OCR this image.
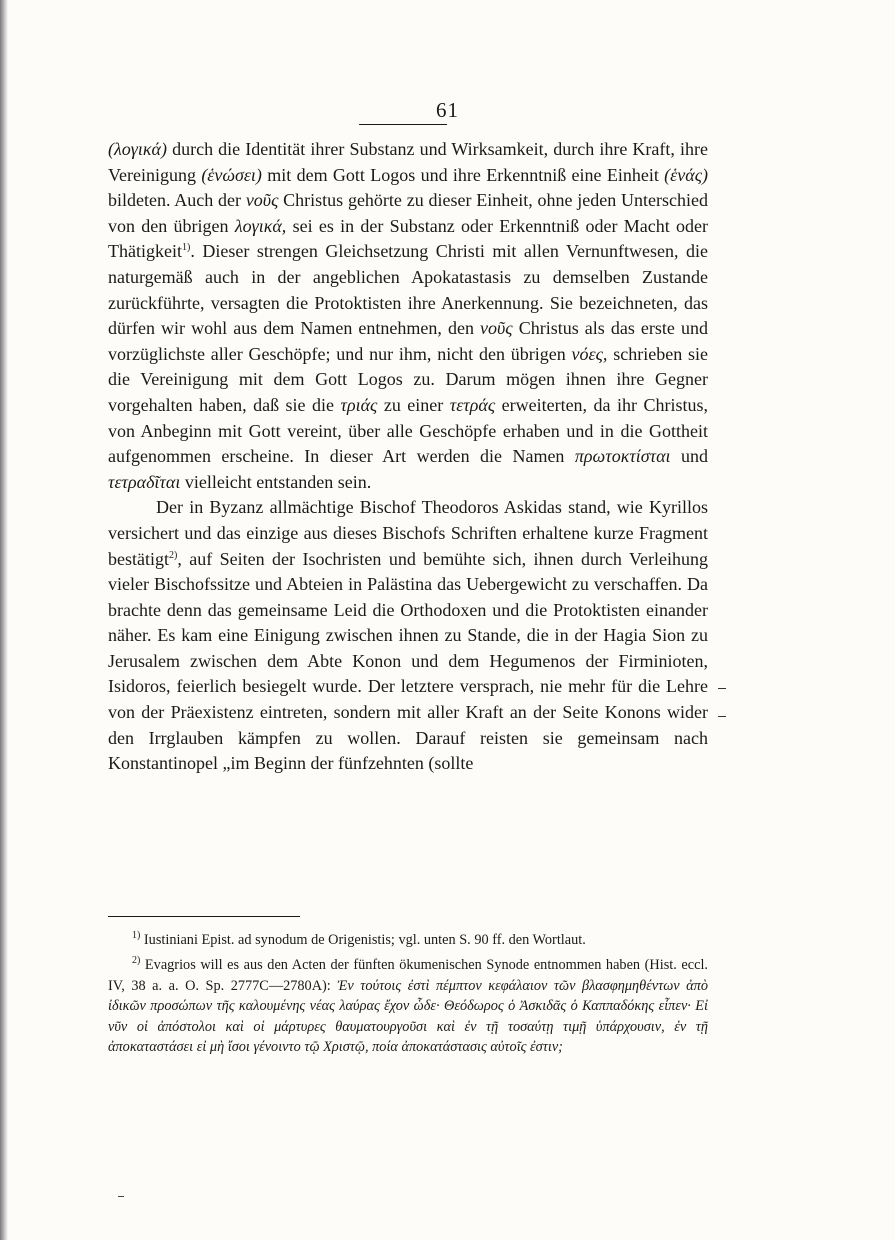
61

(λογικά) durch die Identität ihrer Substanz und Wirksamkeit, durch ihre Kraft, ihre Vereinigung (ἑνώσει) mit dem Gott Logos und ihre Erkenntniß eine Einheit (ἑνάς) bildeten. Auch der νοῦς Christus gehörte zu dieser Einheit, ohne jeden Unterschied von den übrigen λογικά, sei es in der Substanz oder Erkenntniß oder Macht oder Thätigkeit$^{1)}$. Dieser strengen Gleichsetzung Christi mit allen Vernunftwesen, die naturgemäß auch in der angeblichen Apokatastasis zu demselben Zustande zurückführte, versagten die Protoktisten ihre Anerkennung. Sie bezeichneten, das dürfen wir wohl aus dem Namen entnehmen, den νοῦς Christus als das erste und vorzüglichste aller Geschöpfe; und nur ihm, nicht den übrigen νόες, schrieben sie die Vereinigung mit dem Gott Logos zu. Darum mögen ihnen ihre Gegner vorgehalten haben, daß sie die τριάς zu einer τετράς erweiterten, da ihr Christus, von Anbeginn mit Gott vereint, über alle Geschöpfe erhaben und in die Gottheit aufgenommen erscheine. In dieser Art werden die Namen πρωτοκτίσται und τετραδῖται vielleicht entstanden sein.

Der in Byzanz allmächtige Bischof Theodoros Askidas stand, wie Kyrillos versichert und das einzige aus dieses Bischofs Schriften erhaltene kurze Fragment bestätigt$^{2)}$, auf Seiten der Isochristen und bemühte sich, ihnen durch Verleihung vieler Bischofssitze und Abteien in Palästina das Uebergewicht zu verschaffen. Da brachte denn das gemeinsame Leid die Orthodoxen und die Protoktisten einander näher. Es kam eine Einigung zwischen ihnen zu Stande, die in der Hagia Sion zu Jerusalem zwischen dem Abte Konon und dem Hegumenos der Firminioten, Isidoros, feierlich besiegelt wurde. Der letztere versprach, nie mehr für die Lehre von der Präexistenz eintreten, sondern mit aller Kraft an der Seite Konons wider den Irrglauben kämpfen zu wollen. Darauf reisten sie gemeinsam nach Konstantinopel „im Beginn der fünfzehnten (sollte

$^{1)}$ Iustiniani Epist. ad synodum de Origenistis; vgl. unten S. 90 ff. den Wortlaut.

$^{2)}$ Evagrios will es aus den Acten der fünften ökumenischen Synode entnommen haben (Hist. eccl. IV, 38 a. a. O. Sp. 2777C—2780A): Ἐν τούτοις ἐστὶ πέμπτον κεφάλαιον τῶν βλασφημηθέντων ἀπὸ ἰδικῶν προσώπων τῆς καλουμένης νέας λαύρας ἔχον ὧδε· Θεόδωρος ὁ Ἀσκιδᾶς ὁ Καππαδόκης εἶπεν· Εἰ νῦν οἱ ἀπόστολοι καὶ οἱ μάρτυρες θαυματουργοῦσι καὶ ἐν τῇ τοσαύτῃ τιμῇ ὑπάρχουσιν, ἐν τῇ ἀποκαταστάσει εἰ μὴ ἴσοι γένοιντο τῷ Χριστῷ, ποία ἀποκατάστασις αὐτοῖς ἐστιν;
